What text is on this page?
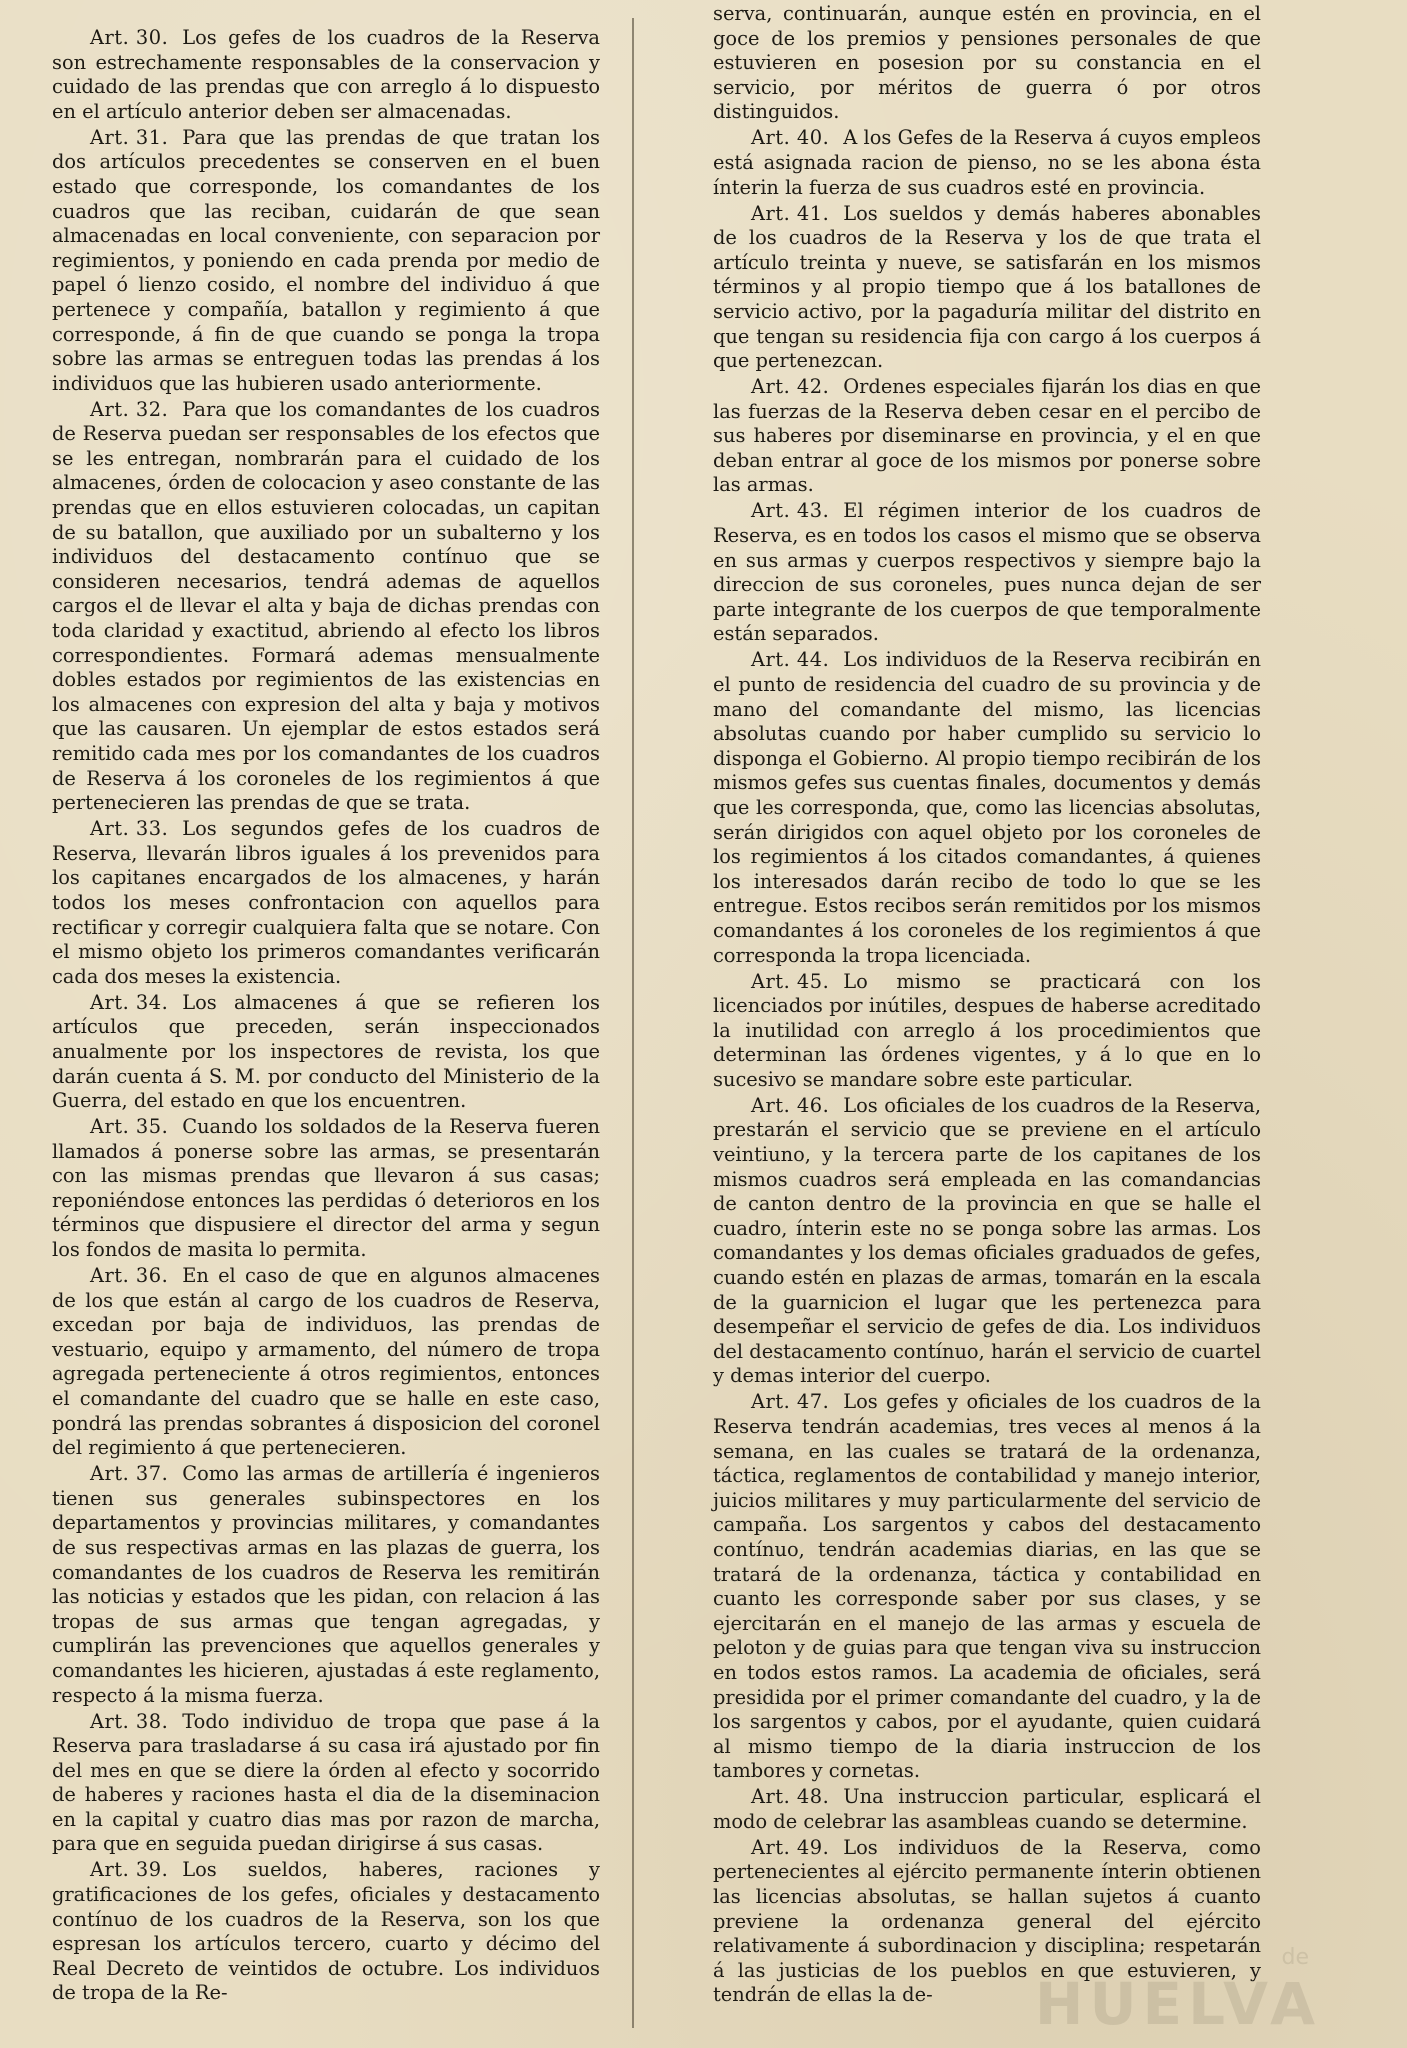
Art. 30. Los gefes de los cuadros de la Reserva son estrechamente responsables de la conservacion y cuidado de las prendas que con arreglo á lo dispuesto en el artículo anterior deben ser almacenadas.

Art. 31. Para que las prendas de que tratan los dos artículos precedentes se conserven en el buen estado que corresponde, los comandantes de los cuadros que las reciban, cuidarán de que sean almacenadas en local conveniente, con separacion por regimientos, y poniendo en cada prenda por medio de papel ó lienzo cosido, el nombre del individuo á que pertenece y compañía, batallon y regimiento á que corresponde, á fin de que cuando se ponga la tropa sobre las armas se entreguen todas las prendas á los individuos que las hubieren usado anteriormente.

Art. 32. Para que los comandantes de los cuadros de Reserva puedan ser responsables de los efectos que se les entregan, nombrarán para el cuidado de los almacenes, órden de colocacion y aseo constante de las prendas que en ellos estuvieren colocadas, un capitan de su batallon, que auxiliado por un subalterno y los individuos del destacamento contínuo que se consideren necesarios, tendrá ademas de aquellos cargos el de llevar el alta y baja de dichas prendas con toda claridad y exactitud, abriendo al efecto los libros correspondientes. Formará ademas mensualmente dobles estados por regimientos de las existencias en los almacenes con expresion del alta y baja y motivos que las causaren. Un ejemplar de estos estados será remitido cada mes por los comandantes de los cuadros de Reserva á los coroneles de los regimientos á que pertenecieren las prendas de que se trata.

Art. 33. Los segundos gefes de los cuadros de Reserva, llevarán libros iguales á los prevenidos para los capitanes encargados de los almacenes, y harán todos los meses confrontacion con aquellos para rectificar y corregir cualquiera falta que se notare. Con el mismo objeto los primeros comandantes verificarán cada dos meses la existencia.

Art. 34. Los almacenes á que se refieren los artículos que preceden, serán inspeccionados anualmente por los inspectores de revista, los que darán cuenta á S. M. por conducto del Ministerio de la Guerra, del estado en que los encuentren.

Art. 35. Cuando los soldados de la Reserva fueren llamados á ponerse sobre las armas, se presentarán con las mismas prendas que llevaron á sus casas; reponiéndose entonces las perdidas ó deterioros en los términos que dispusiere el director del arma y segun los fondos de masita lo permita.

Art. 36. En el caso de que en algunos almacenes de los que están al cargo de los cuadros de Reserva, excedan por baja de individuos, las prendas de vestuario, equipo y armamento, del número de tropa agregada perteneciente á otros regimientos, entonces el comandante del cuadro que se halle en este caso, pondrá las prendas sobrantes á disposicion del coronel del regimiento á que pertenecieren.

Art. 37. Como las armas de artillería é ingenieros tienen sus generales subinspectores en los departamentos y provincias militares, y comandantes de sus respectivas armas en las plazas de guerra, los comandantes de los cuadros de Reserva les remitirán las noticias y estados que les pidan, con relacion á las tropas de sus armas que tengan agregadas, y cumplirán las prevenciones que aquellos generales y comandantes les hicieren, ajustadas á este reglamento, respecto á la misma fuerza.

Art. 38. Todo individuo de tropa que pase á la Reserva para trasladarse á su casa irá ajustado por fin del mes en que se diere la órden al efecto y socorrido de haberes y raciones hasta el dia de la diseminacion en la capital y cuatro dias mas por razon de marcha, para que en seguida puedan dirigirse á sus casas.

Art. 39. Los sueldos, haberes, raciones y gratificaciones de los gefes, oficiales y destacamento contínuo de los cuadros de la Reserva, son los que espresan los artículos tercero, cuarto y décimo del Real Decreto de veintidos de octubre. Los individuos de tropa de la Re-

serva, continuarán, aunque estén en provincia, en el goce de los premios y pensiones personales de que estuvieren en posesion por su constancia en el servicio, por méritos de guerra ó por otros distinguidos.

Art. 40. A los Gefes de la Reserva á cuyos empleos está asignada racion de pienso, no se les abona ésta ínterin la fuerza de sus cuadros esté en provincia.

Art. 41. Los sueldos y demás haberes abonables de los cuadros de la Reserva y los de que trata el artículo treinta y nueve, se satisfarán en los mismos términos y al propio tiempo que á los batallones de servicio activo, por la pagaduría militar del distrito en que tengan su residencia fija con cargo á los cuerpos á que pertenezcan.

Art. 42. Ordenes especiales fijarán los dias en que las fuerzas de la Reserva deben cesar en el percibo de sus haberes por diseminarse en provincia, y el en que deban entrar al goce de los mismos por ponerse sobre las armas.

Art. 43. El régimen interior de los cuadros de Reserva, es en todos los casos el mismo que se observa en sus armas y cuerpos respectivos y siempre bajo la direccion de sus coroneles, pues nunca dejan de ser parte integrante de los cuerpos de que temporalmente están separados.

Art. 44. Los individuos de la Reserva recibirán en el punto de residencia del cuadro de su provincia y de mano del comandante del mismo, las licencias absolutas cuando por haber cumplido su servicio lo disponga el Gobierno. Al propio tiempo recibirán de los mismos gefes sus cuentas finales, documentos y demás que les corresponda, que, como las licencias absolutas, serán dirigidos con aquel objeto por los coroneles de los regimientos á los citados comandantes, á quienes los interesados darán recibo de todo lo que se les entregue. Estos recibos serán remitidos por los mismos comandantes á los coroneles de los regimientos á que corresponda la tropa licenciada.

Art. 45. Lo mismo se practicará con los licenciados por inútiles, despues de haberse acreditado la inutilidad con arreglo á los procedimientos que determinan las órdenes vigentes, y á lo que en lo sucesivo se mandare sobre este particular.

Art. 46. Los oficiales de los cuadros de la Reserva, prestarán el servicio que se previene en el artículo veintiuno, y la tercera parte de los capitanes de los mismos cuadros será empleada en las comandancias de canton dentro de la provincia en que se halle el cuadro, ínterin este no se ponga sobre las armas. Los comandantes y los demas oficiales graduados de gefes, cuando estén en plazas de armas, tomarán en la escala de la guarnicion el lugar que les pertenezca para desempeñar el servicio de gefes de dia. Los individuos del destacamento contínuo, harán el servicio de cuartel y demas interior del cuerpo.

Art. 47. Los gefes y oficiales de los cuadros de la Reserva tendrán academias, tres veces al menos á la semana, en las cuales se tratará de la ordenanza, táctica, reglamentos de contabilidad y manejo interior, juicios militares y muy particularmente del servicio de campaña. Los sargentos y cabos del destacamento contínuo, tendrán academias diarias, en las que se tratará de la ordenanza, táctica y contabilidad en cuanto les corresponde saber por sus clases, y se ejercitarán en el manejo de las armas y escuela de peloton y de guias para que tengan viva su instruccion en todos estos ramos. La academia de oficiales, será presidida por el primer comandante del cuadro, y la de los sargentos y cabos, por el ayudante, quien cuidará al mismo tiempo de la diaria instruccion de los tambores y cornetas.

Art. 48. Una instruccion particular, esplicará el modo de celebrar las asambleas cuando se determine.

Art. 49. Los individuos de la Reserva, como pertenecientes al ejército permanente ínterin obtienen las licencias absolutas, se hallan sujetos á cuanto previene la ordenanza general del ejército relativamente á subordinacion y disciplina; respetarán á las justicias de los pueblos en que estuvieren, y tendrán de ellas la de-

de
HUELVA
